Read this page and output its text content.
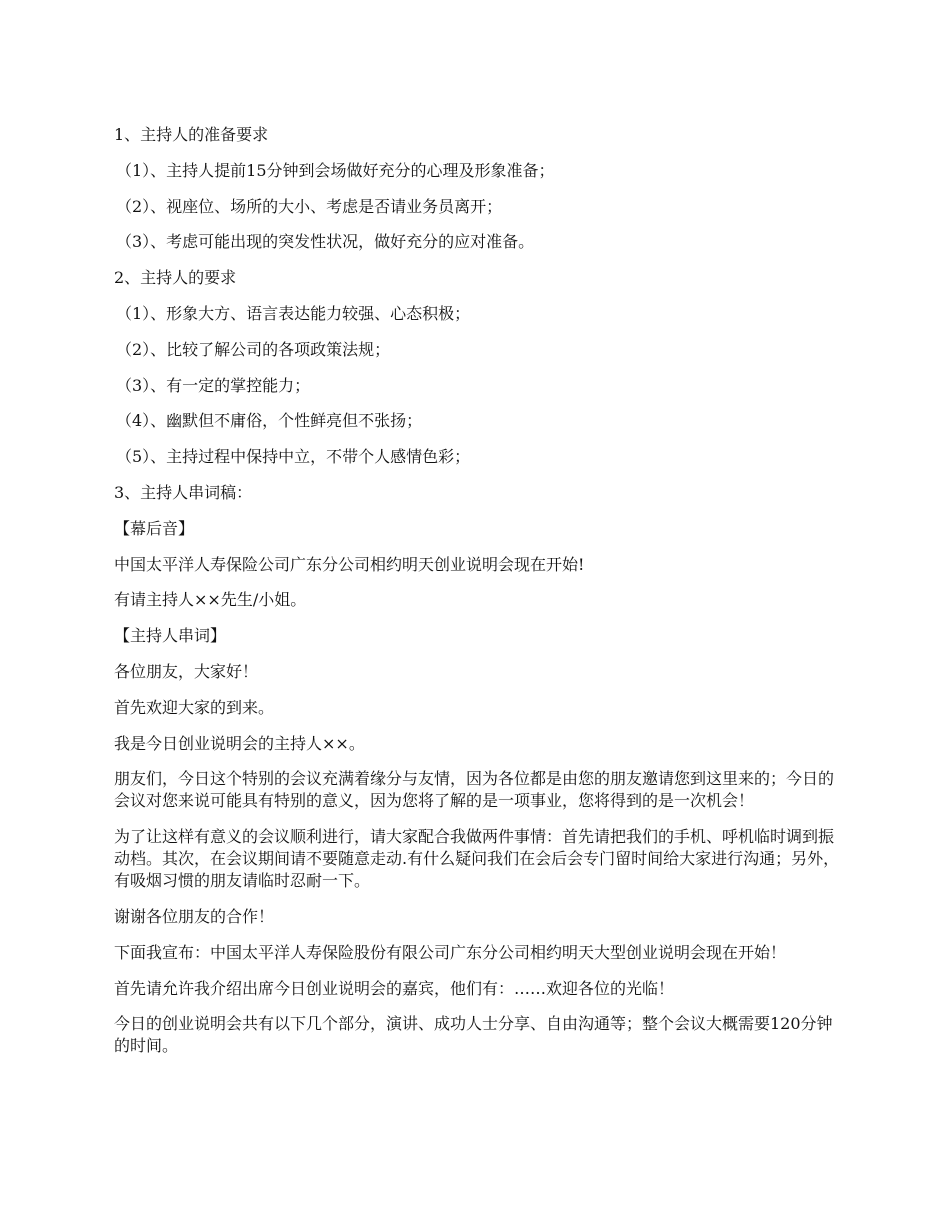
1、主持人的准备要求

（1）、主持人提前15分钟到会场做好充分的心理及形象准备；

（2）、视座位、场所的大小、考虑是否请业务员离开；

（3）、考虑可能出现的突发性状况，做好充分的应对准备。

2、主持人的要求

（1）、形象大方、语言表达能力较强、心态积极；

（2）、比较了解公司的各项政策法规；

（3）、有一定的掌控能力；

（4）、幽默但不庸俗，个性鲜亮但不张扬；

（5）、主持过程中保持中立，不带个人感情色彩；

3、主持人串词稿：

【幕后音】

中国太平洋人寿保险公司广东分公司相约明天创业说明会现在开始!

有请主持人××先生/小姐。

【主持人串词】

各位朋友，大家好！

首先欢迎大家的到来。

我是今日创业说明会的主持人××。

朋友们，今日这个特别的会议充满着缘分与友情，因为各位都是由您的朋友邀请您到这里来的；今日的会议对您来说可能具有特别的意义，因为您将了解的是一项事业，您将得到的是一次机会！

为了让这样有意义的会议顺利进行，请大家配合我做两件事情：首先请把我们的手机、呼机临时调到振动档。其次，在会议期间请不要随意走动.有什么疑问我们在会后会专门留时间给大家进行沟通；另外，有吸烟习惯的朋友请临时忍耐一下。

谢谢各位朋友的合作！

下面我宣布：中国太平洋人寿保险股份有限公司广东分公司相约明天大型创业说明会现在开始！

首先请允许我介绍出席今日创业说明会的嘉宾，他们有：……欢迎各位的光临！

今日的创业说明会共有以下几个部分，演讲、成功人士分享、自由沟通等；整个会议大概需要120分钟的时间。
